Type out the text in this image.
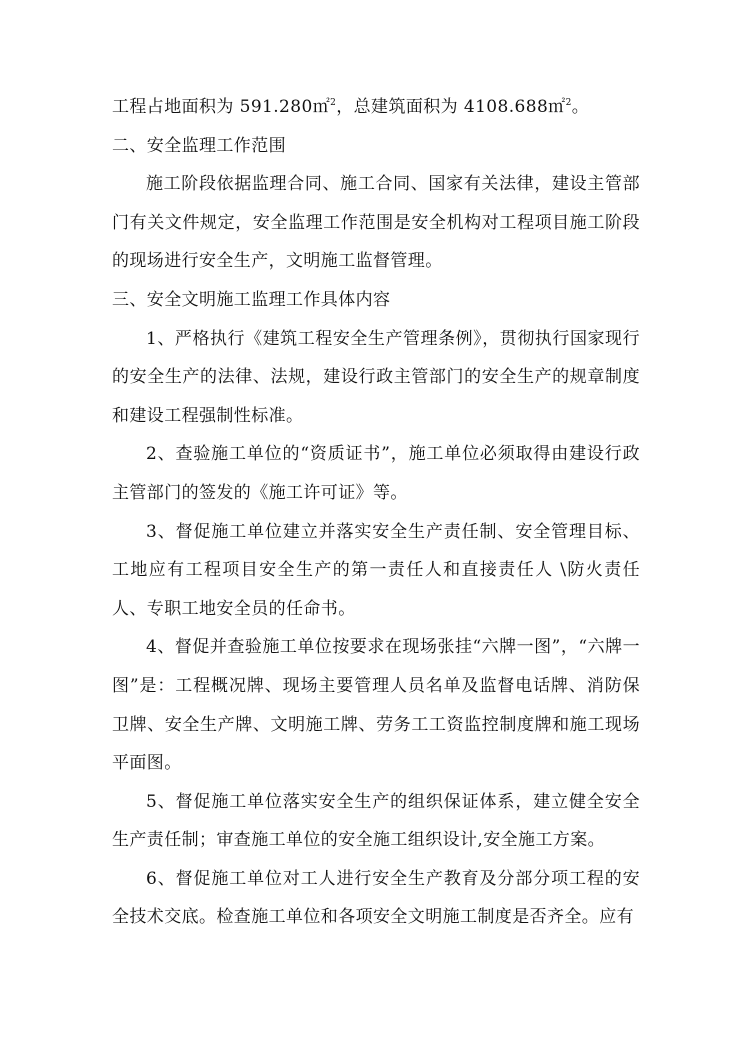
工程占地面积为 591.280㎡$^2$，总建筑面积为 4108.688㎡$^2$。

二、安全监理工作范围

施工阶段依据监理合同、施工合同、国家有关法律，建设主管部门有关文件规定，安全监理工作范围是安全机构对工程项目施工阶段的现场进行安全生产，文明施工监督管理。

三、安全文明施工监理工作具体内容

1、严格执行《建筑工程安全生产管理条例》，贯彻执行国家现行的安全生产的法律、法规，建设行政主管部门的安全生产的规章制度和建设工程强制性标准。

2、查验施工单位的“资质证书”，施工单位必须取得由建设行政主管部门的签发的《施工许可证》等。

3、督促施工单位建立并落实安全生产责任制、安全管理目标、工地应有工程项目安全生产的第一责任人和直接责任人 \防火责任人、专职工地安全员的任命书。

4、督促并查验施工单位按要求在现场张挂“六牌一图”，“六牌一图”是：工程概况牌、现场主要管理人员名单及监督电话牌、消防保卫牌、安全生产牌、文明施工牌、劳务工工资监控制度牌和施工现场平面图。

5、督促施工单位落实安全生产的组织保证体系，建立健全安全生产责任制；审查施工单位的安全施工组织设计,安全施工方案。

6、督促施工单位对工人进行安全生产教育及分部分项工程的安全技术交底。检查施工单位和各项安全文明施工制度是否齐全。应有
